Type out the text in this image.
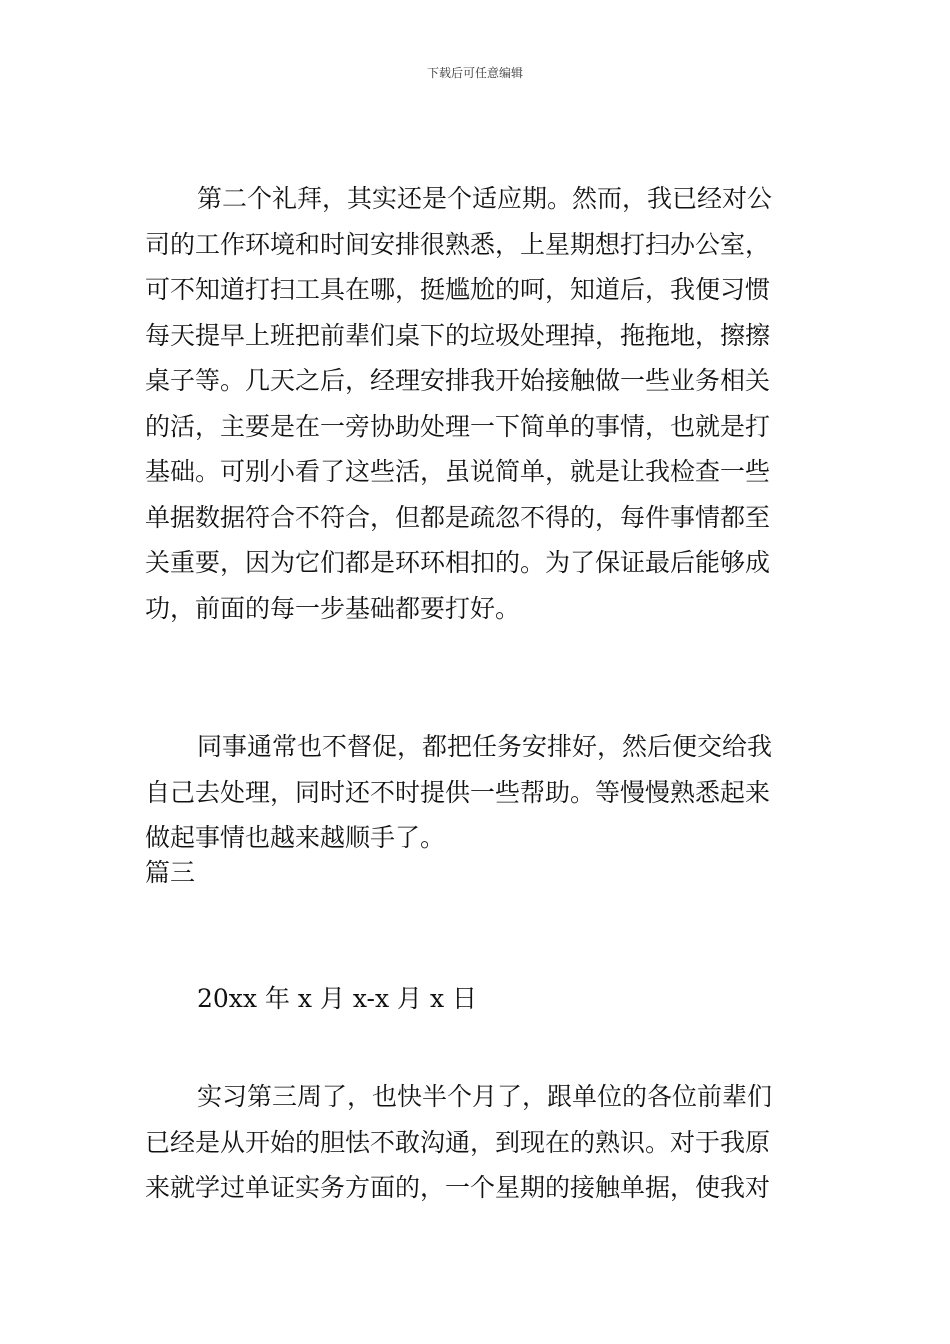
下载后可任意编辑
第二个礼拜，其实还是个适应期。然而，我已经对公
司的工作环境和时间安排很熟悉，上星期想打扫办公室，
可不知道打扫工具在哪，挺尴尬的呵，知道后，我便习惯
每天提早上班把前辈们桌下的垃圾处理掉，拖拖地，擦擦
桌子等。几天之后，经理安排我开始接触做一些业务相关
的活，主要是在一旁协助处理一下简单的事情，也就是打
基础。可别小看了这些活，虽说简单，就是让我检查一些
单据数据符合不符合，但都是疏忽不得的，每件事情都至
关重要，因为它们都是环环相扣的。为了保证最后能够成
功，前面的每一步基础都要打好。
同事通常也不督促，都把任务安排好，然后便交给我
自己去处理，同时还不时提供一些帮助。等慢慢熟悉起来
做起事情也越来越顺手了。
篇三
20xx 年 x 月 x-x 月 x 日
实习第三周了，也快半个月了，跟单位的各位前辈们
已经是从开始的胆怯不敢沟通，到现在的熟识。对于我原
来就学过单证实务方面的，一个星期的接触单据，使我对
